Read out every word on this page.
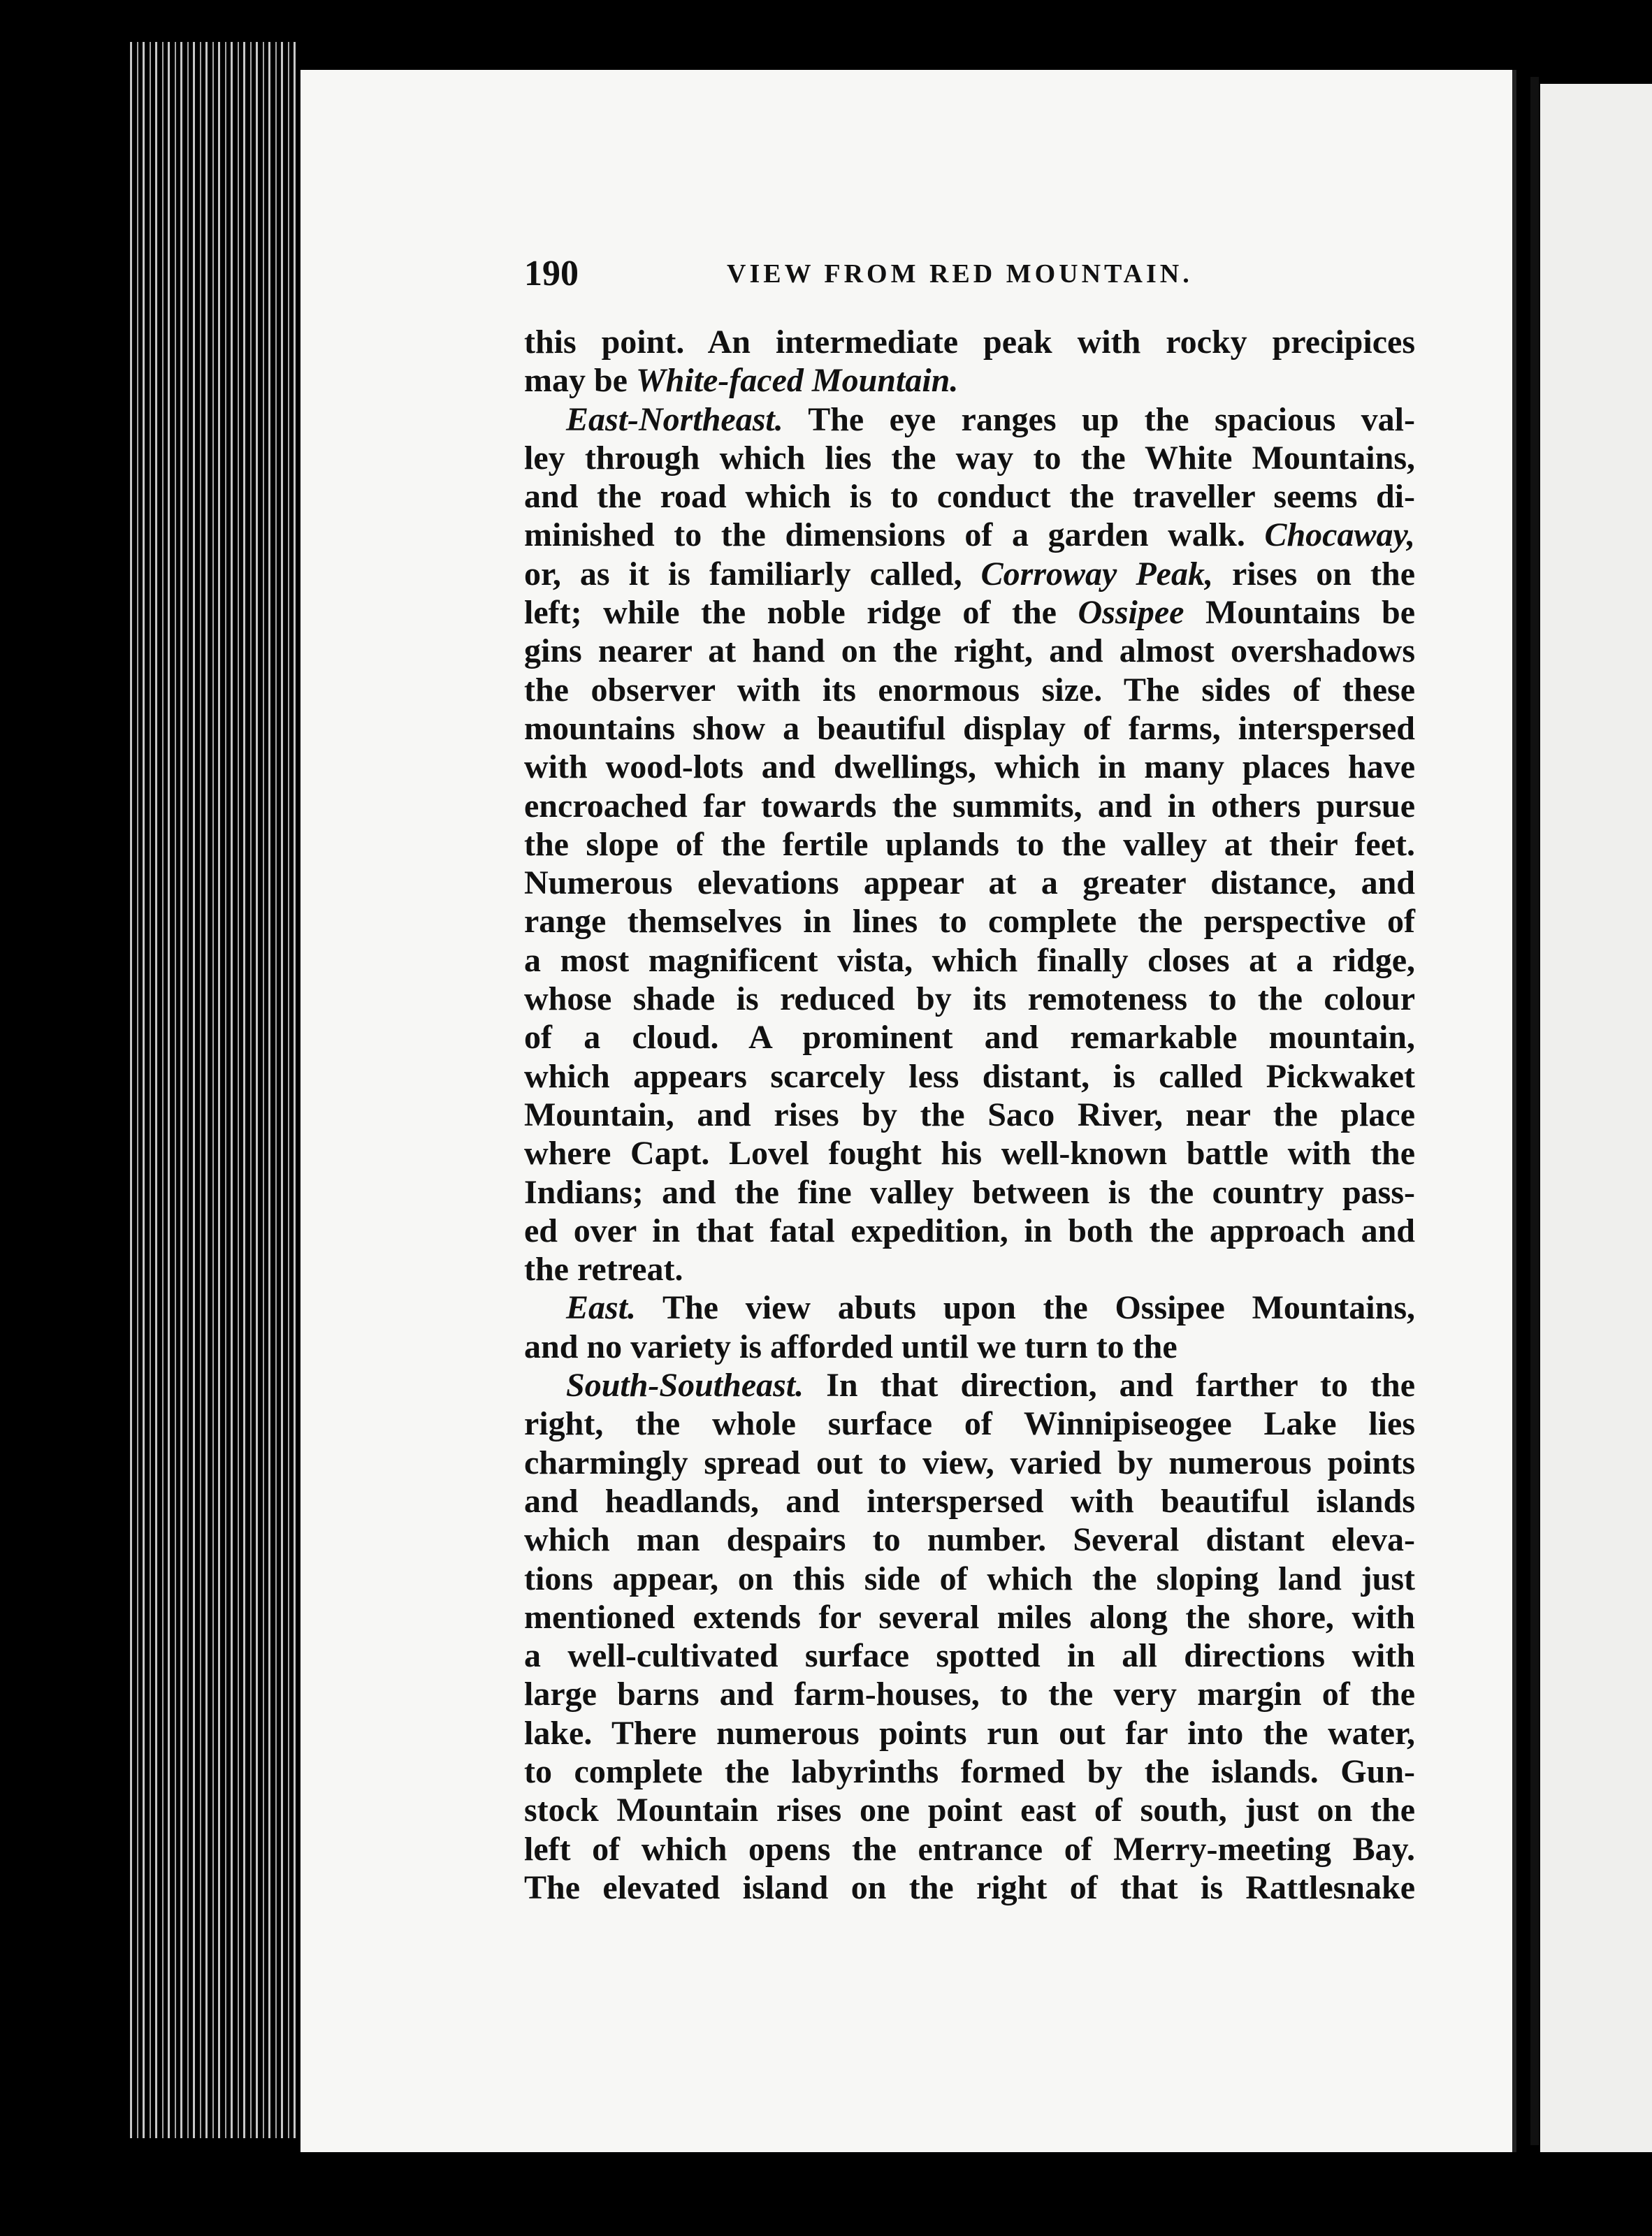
190	VIEW FROM RED MOUNTAIN.
this point. An intermediate peak with rocky precipices
may be White-faced Mountain.
East-Northeast. The eye ranges up the spacious val-
ley through which lies the way to the White Mountains,
and the road which is to conduct the traveller seems di-
minished to the dimensions of a garden walk. Chocaway,
or, as it is familiarly called, Corroway Peak, rises on the
left; while the noble ridge of the Ossipee Mountains be
gins nearer at hand on the right, and almost overshadows
the observer with its enormous size. The sides of these
mountains show a beautiful display of farms, interspersed
with wood-lots and dwellings, which in many places have
encroached far towards the summits, and in others pursue
the slope of the fertile uplands to the valley at their feet.
Numerous elevations appear at a greater distance, and
range themselves in lines to complete the perspective of
a most magnificent vista, which finally closes at a ridge,
whose shade is reduced by its remoteness to the colour
of a cloud. A prominent and remarkable mountain,
which appears scarcely less distant, is called Pickwaket
Mountain, and rises by the Saco River, near the place
where Capt. Lovel fought his well-known battle with the
Indians; and the fine valley between is the country pass-
ed over in that fatal expedition, in both the approach and
the retreat.
East. The view abuts upon the Ossipee Mountains,
and no variety is afforded until we turn to the
South-Southeast. In that direction, and farther to the
right, the whole surface of Winnipiseogee Lake lies
charmingly spread out to view, varied by numerous points
and headlands, and interspersed with beautiful islands
which man despairs to number. Several distant eleva-
tions appear, on this side of which the sloping land just
mentioned extends for several miles along the shore, with
a well-cultivated surface spotted in all directions with
large barns and farm-houses, to the very margin of the
lake. There numerous points run out far into the water,
to complete the labyrinths formed by the islands. Gun-
stock Mountain rises one point east of south, just on the
left of which opens the entrance of Merry-meeting Bay.
The elevated island on the right of that is Rattlesnake
